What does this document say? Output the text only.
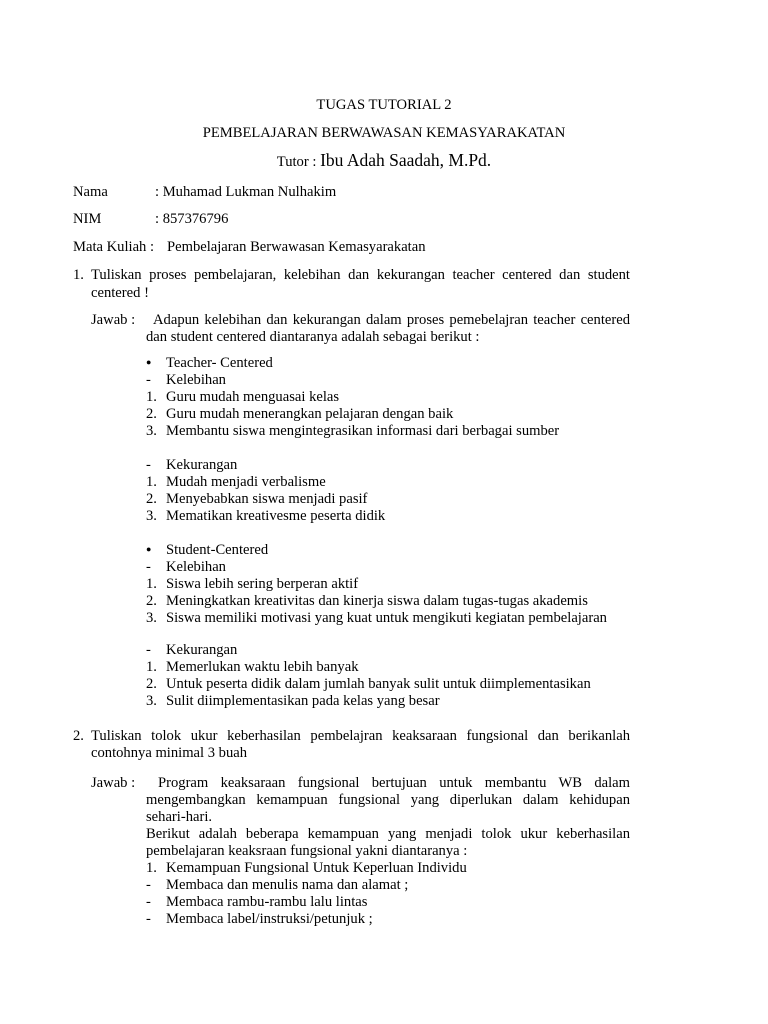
TUGAS TUTORIAL 2
PEMBELAJARAN BERWAWASAN KEMASYARAKATAN
Tutor : Ibu Adah Saadah, M.Pd.
Nama	: Muhamad Lukman Nulhakim
NIM	: 857376796
Mata Kuliah : Pembelajaran Berwawasan Kemasyarakatan
1. Tuliskan proses pembelajaran, kelebihan dan kekurangan teacher centered dan student
centered !
Jawab : Adapun kelebihan dan kekurangan dalam proses pemebelajran teacher centered
dan student centered diantaranya adalah sebagai berikut :
● Teacher- Centered
- Kelebihan
1. Guru mudah menguasai kelas
2. Guru mudah menerangkan pelajaran dengan baik
3. Membantu siswa mengintegrasikan informasi dari berbagai sumber
- Kekurangan
1. Mudah menjadi verbalisme
2. Menyebabkan siswa menjadi pasif
3. Mematikan kreativesme peserta didik
● Student-Centered
- Kelebihan
1. Siswa lebih sering berperan aktif
2. Meningkatkan kreativitas dan kinerja siswa dalam tugas-tugas akademis
3. Siswa memiliki motivasi yang kuat untuk mengikuti kegiatan pembelajaran
- Kekurangan
1. Memerlukan waktu lebih banyak
2. Untuk peserta didik dalam jumlah banyak sulit untuk diimplementasikan
3. Sulit diimplementasikan pada kelas yang besar
2. Tuliskan tolok ukur keberhasilan pembelajran keaksaraan fungsional dan berikanlah
contohnya minimal 3 buah
Jawab : Program keaksaraan fungsional bertujuan untuk membantu WB dalam
mengembangkan kemampuan fungsional yang diperlukan dalam kehidupan
sehari-hari.
Berikut adalah beberapa kemampuan yang menjadi tolok ukur keberhasilan
pembelajaran keaksraan fungsional yakni diantaranya :
1. Kemampuan Fungsional Untuk Keperluan Individu
- Membaca dan menulis nama dan alamat ;
- Membaca rambu-rambu lalu lintas
- Membaca label/instruksi/petunjuk ;
